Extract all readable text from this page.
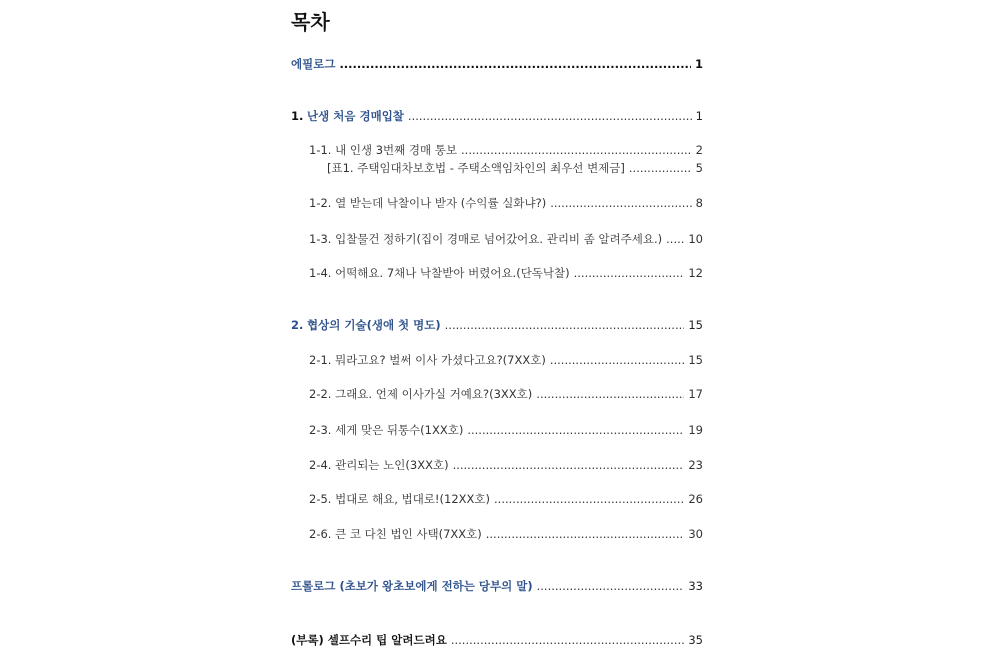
목차
에필로그 .....	1
1. 난생 처음 경매입찰 .....	1
1-1. 내 인생 3번째 경매 통보 .....	2
[표1. 주택임대차보호법 - 주택소액임차인의 최우선 변제금] .....	5
1-2. 열 받는데 낙찰이나 받자 (수익률 실화냐?) .....	8
1-3. 입찰물건 정하기(집이 경매로 넘어갔어요. 관리비 좀 알려주세요.) .....	10
1-4. 어떡해요. 7채나 낙찰받아 버렸어요.(단독낙찰) .....	12
2. 협상의 기술(생애 첫 명도) .....	15
2-1. 뭐라고요? 벌써 이사 가셨다고요?(7XX호) .....	15
2-2. 그래요. 언제 이사가실 거예요?(3XX호) .....	17
2-3. 세게 맞은 뒤통수(1XX호) .....	19
2-4. 관리되는 노인(3XX호) .....	23
2-5. 법대로 해요, 법대로!(12XX호) .....	26
2-6. 큰 코 다친 법인 사택(7XX호) .....	30
프롤로그 (초보가 왕초보에게 전하는 당부의 말) .....	33
(부록) 셀프수리 팁 알려드려요 .....	35
